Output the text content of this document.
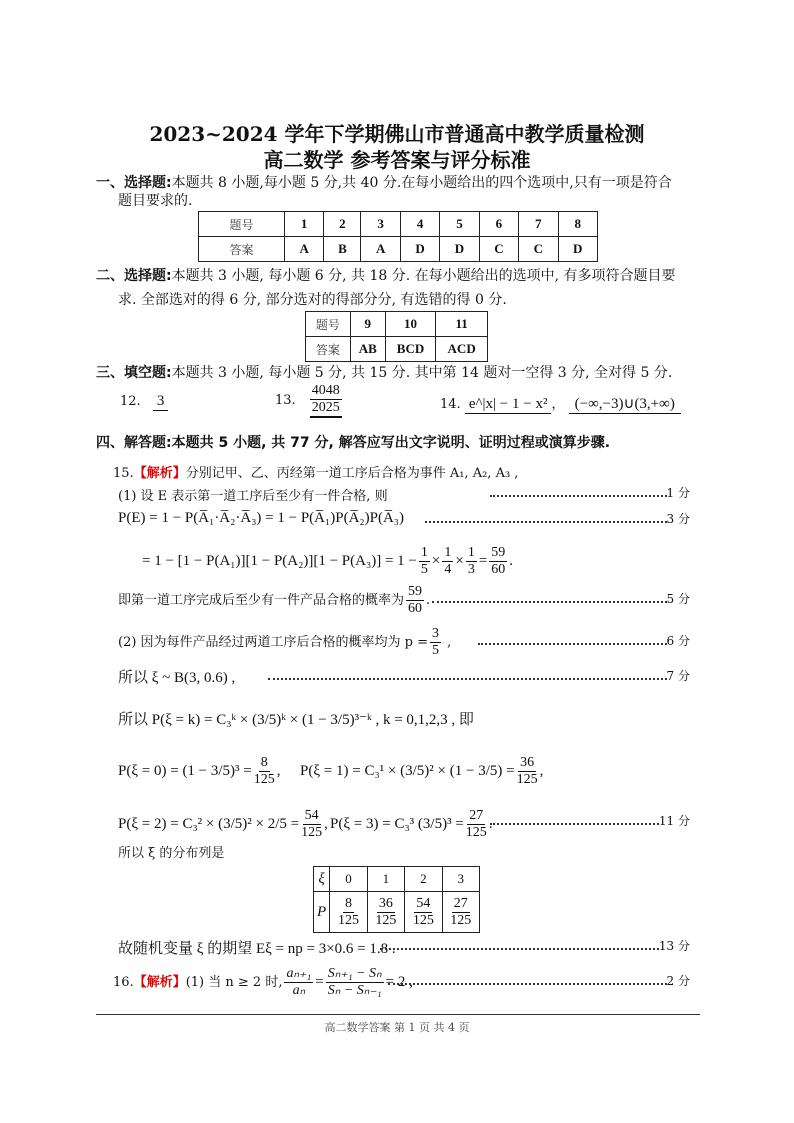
2023~2024 学年下学期佛山市普通高中教学质量检测
高二数学 参考答案与评分标准
一、选择题:本题共 8 小题,每小题 5 分,共 40 分.在每小题给出的四个选项中,只有一项是符合
题目要求的.
题号	1	2	3	4	5	6	7	8
答案	A	B	A	D	D	C	C	D
二、选择题:本题共 3 小题, 每小题 6 分, 共 18 分. 在每小题给出的选项中, 有多项符合题目要
求. 全部选对的得 6 分, 部分选对的得部分分, 有选错的得 0 分.
题号	9	10	11
答案	AB	BCD	ACD
三、填空题:本题共 3 小题, 每小题 5 分, 共 15 分. 其中第 14 题对一空得 3 分, 全对得 5 分.
12. 3	13. $\frac{4048}{2025}$	14. e^|x| − 1 − x² ， (−∞,−3)∪(3,+∞)
四、解答题:本题共 5 小题, 共 77 分, 解答应写出文字说明、证明过程或演算步骤.
15.【解析】分别记甲、乙、丙经第一道工序后合格为事件 A₁, A₂, A₃ ,
(1) 设 E 表示第一道工序后至少有一件合格, 则	1 分
P(E) = 1 − P(A̅₁·A̅₂·A̅₃) = 1 − P(A̅₁)P(A̅₂)P(A̅₃)	3 分
= $1 - [1 - P(A_1)][1 - P(A_2)][1 - P(A_3)] = 1 - \frac{1}{5} \times \frac{1}{4} \times \frac{1}{3} = \frac{59}{60}$ .
即第一道工序完成后至少有一件产品合格的概率为 $\frac{59}{60}$ .	5 分
(2) 因为每件产品经过两道工序后合格的概率均为 $p = \frac{3}{5}$ ,	6 分
所以 ξ ~ B(3, 0.6) ,	7 分
所以 P(ξ = k) = C₃ᵏ × (3/5)ᵏ × (1 − 3/5)³⁻ᵏ , k = 0,1,2,3 , 即
$P(\xi = 0) = (1 - 3/5)^3 = \frac{8}{125}$ , $P(\xi = 1) = C_3^1 \times (3/5)^2 \times (1 - 3/5) = \frac{36}{125}$ ,
$P(\xi = 2) = C_3^2 \times (3/5)^2 \times 2/5 = \frac{54}{125}$ , P(ξ = 3) = C₃³ $(3/5)^3 = \frac{27}{125}$ .	11 分
所以 ξ 的分布列是
ξ	0	1	2	3
P	$\frac{8}{125}$	$\frac{36}{125}$	$\frac{54}{125}$	$\frac{27}{125}$
故随机变量 ξ 的期望 Eξ = np = 3×0.6 = 1.8 .	13 分
16.【解析】(1) 当 n ≥ 2 时, $\frac{\text{aₙ₊₁}}{\text{aₙ}} = \frac{\text{Sₙ₊₁ − Sₙ}}{\text{Sₙ − Sₙ₋₁}} = 2$ ,	2 分
高二数学答案 第 1 页 共 4 页
